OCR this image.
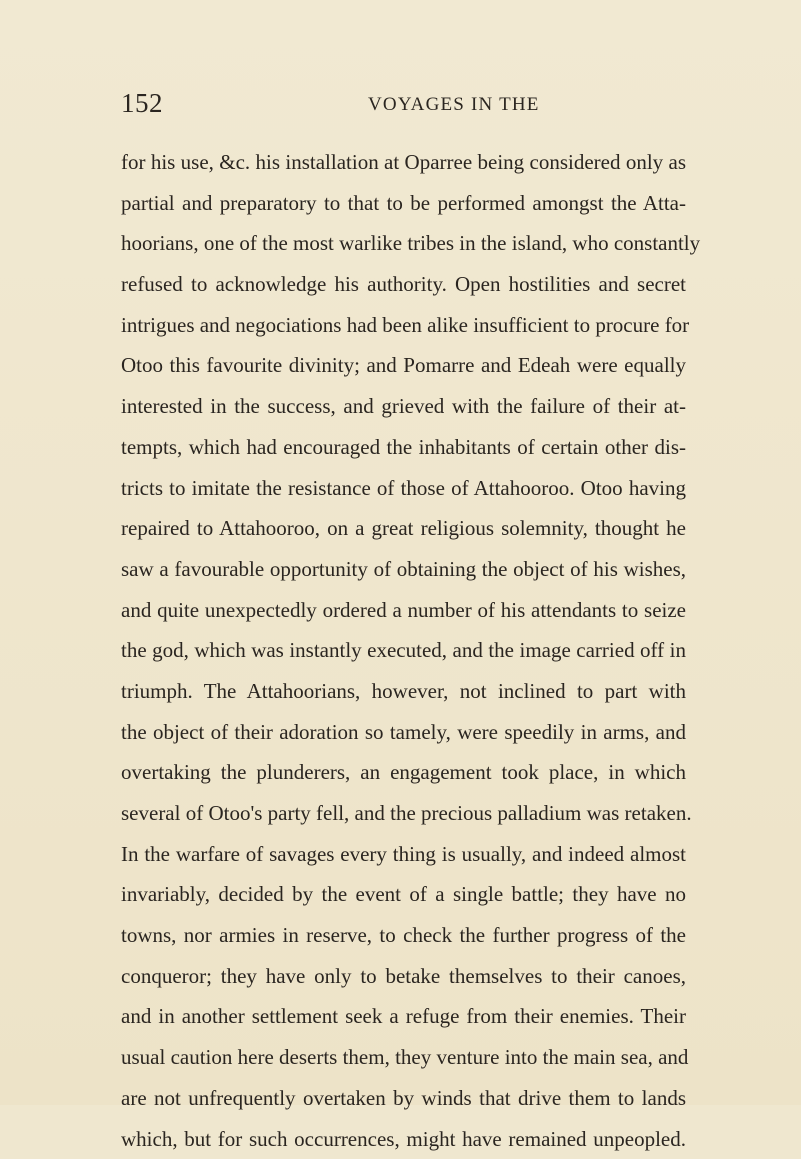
152	VOYAGES IN THE
for his use, &c. his installation at Oparree being considered only as
partial and preparatory to that to be performed amongst the Atta-
hoorians, one of the most warlike tribes in the island, who constantly
refused to acknowledge his authority. Open hostilities and secret
intrigues and negociations had been alike insufficient to procure for
Otoo this favourite divinity; and Pomarre and Edeah were equally
interested in the success, and grieved with the failure of their at-
tempts, which had encouraged the inhabitants of certain other dis-
tricts to imitate the resistance of those of Attahooroo. Otoo having
repaired to Attahooroo, on a great religious solemnity, thought he
saw a favourable opportunity of obtaining the object of his wishes,
and quite unexpectedly ordered a number of his attendants to seize
the god, which was instantly executed, and the image carried off in
triumph. The Attahoorians, however, not inclined to part with
the object of their adoration so tamely, were speedily in arms, and
overtaking the plunderers, an engagement took place, in which
several of Otoo's party fell, and the precious palladium was retaken.
In the warfare of savages every thing is usually, and indeed almost
invariably, decided by the event of a single battle; they have no
towns, nor armies in reserve, to check the further progress of the
conqueror; they have only to betake themselves to their canoes,
and in another settlement seek a refuge from their enemies. Their
usual caution here deserts them, they venture into the main sea, and
are not unfrequently overtaken by winds that drive them to lands
which, but for such occurrences, might have remained unpeopled.
